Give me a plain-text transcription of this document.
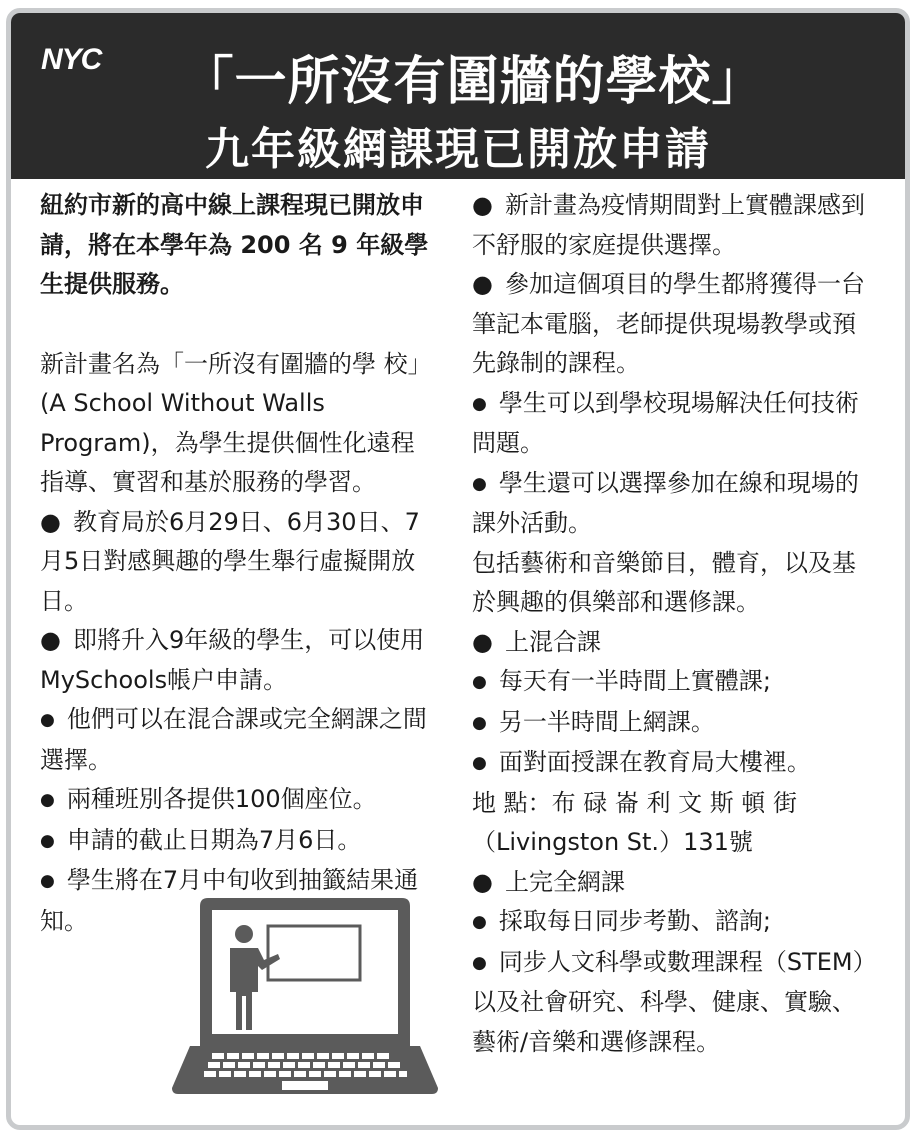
NYC	「一所沒有圍牆的學校」
九年級網課現已開放申請

紐約市新的高中線上課程現已開放申請，將在本學年為 200 名 9 年級學生提供服務。

新計畫名為「一所沒有圍牆的學 校」(A School Without Walls Program)，為學生提供個性化遠程指導、實習和基於服務的學習。

● 教育局於6月29日、6月30日、7月5日對感興趣的學生舉行虛擬開放日。

● 即將升入9年級的學生，可以使用MySchools帳户申請。

● 他們可以在混合課或完全網課之間選擇。

● 兩種班別各提供100個座位。

● 申請的截止日期為7月6日。

● 學生將在7月中旬收到抽籤結果通知。

● 新計畫為疫情期間對上實體課感到不舒服的家庭提供選擇。

● 參加這個項目的學生都將獲得一台筆記本電腦，老師提供現場教學或預先錄制的課程。

● 學生可以到學校現場解決任何技術問題。

● 學生還可以選擇參加在線和現場的課外活動。

包括藝術和音樂節目，體育，以及基於興趣的俱樂部和選修課。

● 上混合課

● 每天有一半時間上實體課;

● 另一半時間上網課。

● 面對面授課在教育局大樓裡。

地 點：布 碌 崙 利 文 斯 頓 街（Livingston St.）131號

● 上完全網課

● 採取每日同步考勤、諮詢;

● 同步人文科學或數理課程（STEM）以及社會研究、科學、健康、實驗、藝術/音樂和選修課程。
